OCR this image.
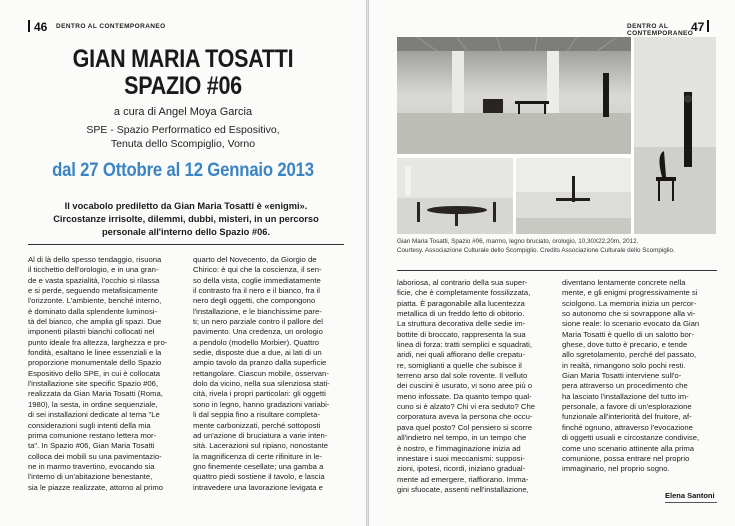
46 DENTRO AL CONTEMPORANEO
GIAN MARIA TOSATTI
SPAZIO #06
a cura di Angel Moya Garcia
SPE - Spazio Performatico ed Espositivo,
Tenuta dello Scompiglio, Vorno
dal 27 Ottobre al 12 Gennaio 2013
Il vocabolo prediletto da Gian Maria Tosatti è «enigmi».
Circostanze irrisolte, dilemmi, dubbi, misteri, in un percorso
personale all'interno dello Spazio #06.
Al di là dello spesso tendaggio, risuona
il ticchettio dell'orologio, e in una gran-
de e vasta spazialità, l'occhio si rilassa
e si perde, seguendo metafisicamente
l'orizzonte. L'ambiente, benché interno,
è dominato dalla splendente luminosi-
tà del bianco, che amplia gli spazi. Due
imponenti pilastri bianchi collocati nel
punto ideale fra altezza, larghezza e pro-
fondità, esaltano le linee essenziali e la
proporzione monumentale dello Spazio
Espositivo dello SPE, in cui è collocata
l'installazione site specific Spazio #06,
realizzata da Gian Maria Tosatti (Roma,
1980), la sesta, in ordine sequenziale,
di sei installazioni dedicate al tema "Le
considerazioni sugli intenti della mia
prima comunione restano lettera mor-
ta". In Spazio #06, Gian Maria Tosatti
colloca dei mobili su una pavimentazio-
ne in marmo travertino, evocando sia
l'interno di un'abitazione benestante,
sia le piazze realizzate, attorno al primo
quarto del Novecento, da Giorgio de
Chirico: è qui che la coscienza, il sen-
so della vista, coglie immediatamente
il contrasto fra il nero e il bianco, fra il
nero degli oggetti, che compongono
l'installazione, e le bianchissime pare-
ti; un nero parziale contro il pallore del
pavimento. Una credenza, un orologio
a pendolo (modello Morbier). Quattro
sedie, disposte due a due, ai lati di un
ampio tavolo da pranzo dalla superficie
rettangolare. Ciascun mobile, osservan-
dolo da vicino, nella sua silenziosa stati-
cità, rivela i propri particolari: gli oggetti
sono in legno, hanno gradazioni variabi-
li dal seppia fino a risultare completa-
mente carbonizzati, perché sottoposti
ad un'azione di bruciatura a varie inten-
sità. Lacerazioni sul ripiano, nonostante
la magnificenza di certe rifiniture in le-
gno finemente cesellate; una gamba a
quattro piedi sostiene il tavolo, e lascia
intravedere una lavorazione levigata e
DENTRO AL CONTEMPORANEO
47
Gian Maria Tosatti, Spazio #06, marmo, legno bruciato, orologio, 10,30X22,20m, 2012.
Courtesy. Associazione Culturale dello Scompiglio. Credits Associazione Culturale dello Scompiglio.
laboriosa, al contrario della sua super-
ficie, che è completamente fossilizzata,
piatta. È paragonabile alla lucentezza
metallica di un freddo letto di obitorio.
La struttura decorativa delle sedie im-
bottite di broccato, rappresenta la sua
linea di forza: tratti semplici e squadrati,
aridi, nei quali affiorano delle crepatu-
re, somiglianti a quelle che subisce il
terreno arso dal sole rovente. Il velluto
dei cuscini è usurato, vi sono aree più o
meno infossate. Da quanto tempo qual-
cuno si è alzato? Chi vi era seduto? Che
corporatura aveva la persona che occu-
pava quel posto? Col pensiero si scorre
all'indietro nel tempo, in un tempo che
è nostro, e l'immaginazione inizia ad
innestare i suoi meccanismi: supposi-
zioni, ipotesi, ricordi, iniziano gradual-
mente ad emergere, riaffiorano. Imma-
gini sfuocate, assenti nell'installazione,
diventano lentamente concrete nella
mente, e gli enigmi progressivamente si
sciolgono. La memoria inizia un percor-
so autonomo che si sovrappone alla vi-
sione reale: lo scenario evocato da Gian
Maria Tosatti è quello di un salotto bor-
ghese, dove tutto è precario, e tende
allo sgretolamento, perché del passato,
in realtà, rimangono solo pochi resti.
Gian Maria Tosatti interviene sull'o-
pera attraverso un procedimento che
ha lasciato l'installazione del tutto im-
personale, a favore di un'esplorazione
funzionale all'interiorità del fruitore, af-
finché ognuno, attraverso l'evocazione
di oggetti usuali e circostanze condivise,
come uno scenario attinente alla prima
comunione, possa entrare nel proprio
immaginario, nel proprio sogno.
Elena Santoni
